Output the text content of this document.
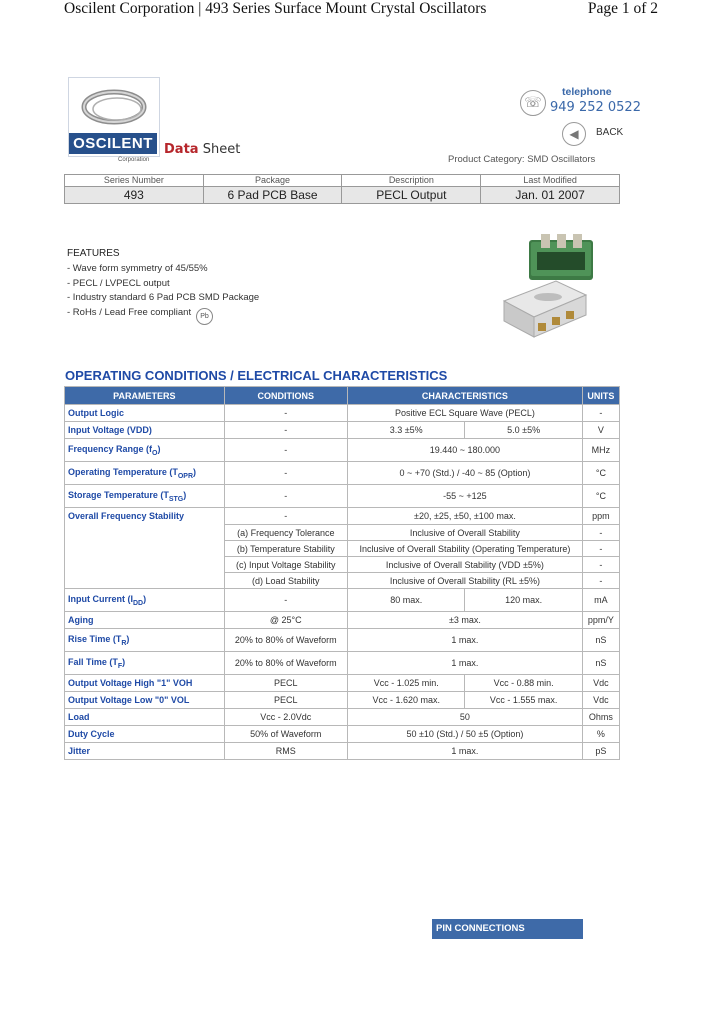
Oscilent Corporation | 493 Series Surface Mount Crystal Oscillators	Page 1 of 2
OSCILENT
Corporation
Data Sheet
☏
telephone
949 252 0522
◀	BACK
Product Category: SMD Oscillators
Series Number	Package	Description	Last Modified
493	6 Pad PCB Base	PECL Output	Jan. 01 2007
FEATURES
- Wave form symmetry of 45/55%
- PECL / LVPECL output
- Industry standard 6 Pad PCB SMD Package
- RoHs / Lead Free compliant	Pb
OPERATING CONDITIONS / ELECTRICAL CHARACTERISTICS
PARAMETERS	CONDITIONS	CHARACTERISTICS		UNITS
Output Logic	-	Positive ECL Square Wave (PECL)		-
Input Voltage (VDD)	-	3.3 ±5%	5.0 ±5%	V
Frequency Range $(f_O)$	-	19.440 ~ 180.000		MHz
Operating Temperature $(T_{OPR})$	-	0 ~ +70 (Std.) / -40 ~ 85 (Option)		°C
Storage Temperature $(T_{STG})$	-	-55 ~ +125		°C
Overall Frequency Stability	-	±20, ±25, ±50, ±100 max.		ppm
	(a) Frequency Tolerance	Inclusive of Overall Stability		-
	(b) Temperature Stability	Inclusive of Overall Stability (Operating Temperature)		-
	(c) Input Voltage Stability	Inclusive of Overall Stability (VDD ±5%)		-
	(d) Load Stability	Inclusive of Overall Stability (RL ±5%)		-
Input Current $(I_{DD})$	-	80 max.	120 max.	mA
Aging	@ 25°C	±3 max.		ppm/Y
Rise Time $(T_R)$	20% to 80% of Waveform	1 max.		nS
Fall Time $(T_F)$	20% to 80% of Waveform	1 max.		nS
Output Voltage High "1" VOH	PECL	Vcc - 1.025 min.	Vcc - 0.88 min.	Vdc
Output Voltage Low "0" VOL	PECL	Vcc - 1.620 max.	Vcc - 1.555 max.	Vdc
Load	Vcc - 2.0Vdc	50		Ohms
Duty Cycle	50% of Waveform	50 ±10 (Std.) / 50 ±5 (Option)		%
Jitter	RMS	1 max.		pS
PIN CONNECTIONS
